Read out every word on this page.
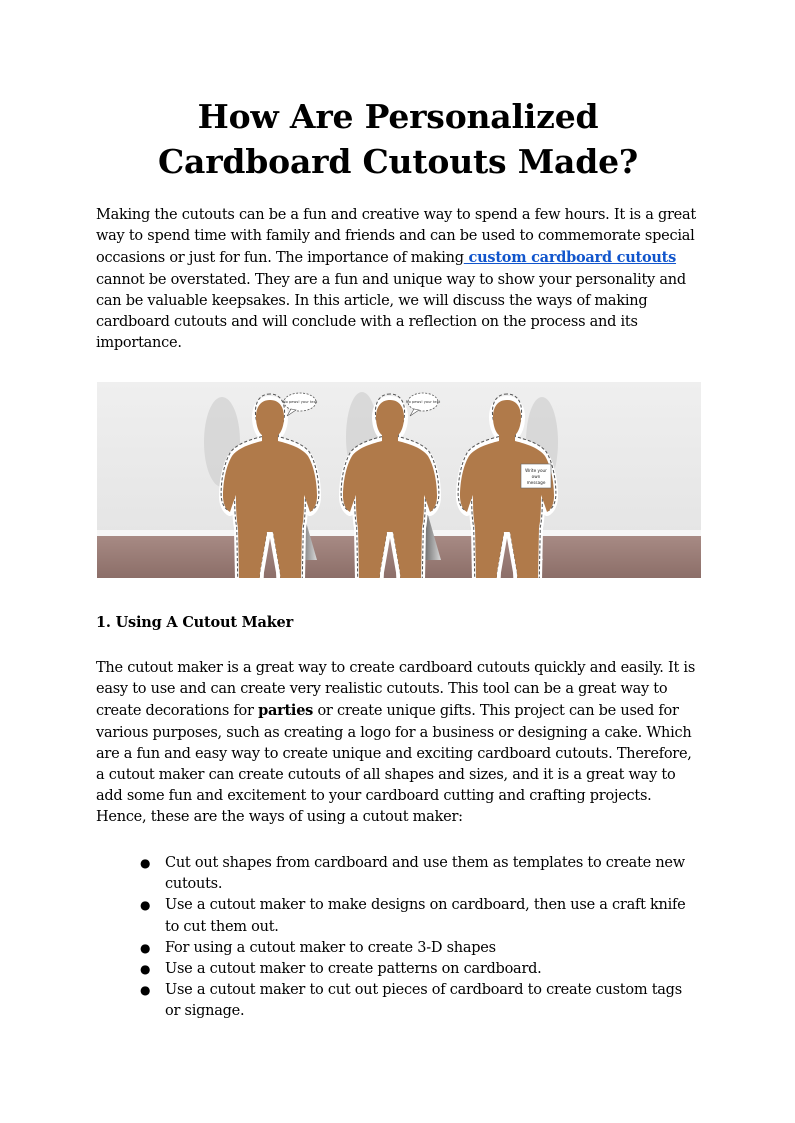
How Are Personalized Cardboard Cutouts Made?

Making the cutouts can be a fun and creative way to spend a few hours. It is a great way to spend time with family and friends and can be used to commemorate special occasions or just for fun. The importance of making custom cardboard cutouts cannot be overstated. They are a fun and unique way to show your personality and can be valuable keepsakes. In this article, we will discuss the ways of making cardboard cutouts and will conclude with a reflection on the process and its importance.

No pews! your text	No pews! your text
Write your
own
message
1. Using A Cutout Maker

The cutout maker is a great way to create cardboard cutouts quickly and easily. It is easy to use and can create very realistic cutouts. This tool can be a great way to create decorations for parties or create unique gifts. This project can be used for various purposes, such as creating a logo for a business or designing a cake. Which are a fun and easy way to create unique and exciting cardboard cutouts. Therefore, a cutout maker can create cutouts of all shapes and sizes, and it is a great way to add some fun and excitement to your cardboard cutting and crafting projects. Hence, these are the ways of using a cutout maker:

● Cut out shapes from cardboard and use them as templates to create new cutouts.
● Use a cutout maker to make designs on cardboard, then use a craft knife to cut them out.
● For using a cutout maker to create 3-D shapes
● Use a cutout maker to create patterns on cardboard.
● Use a cutout maker to cut out pieces of cardboard to create custom tags or signage.
